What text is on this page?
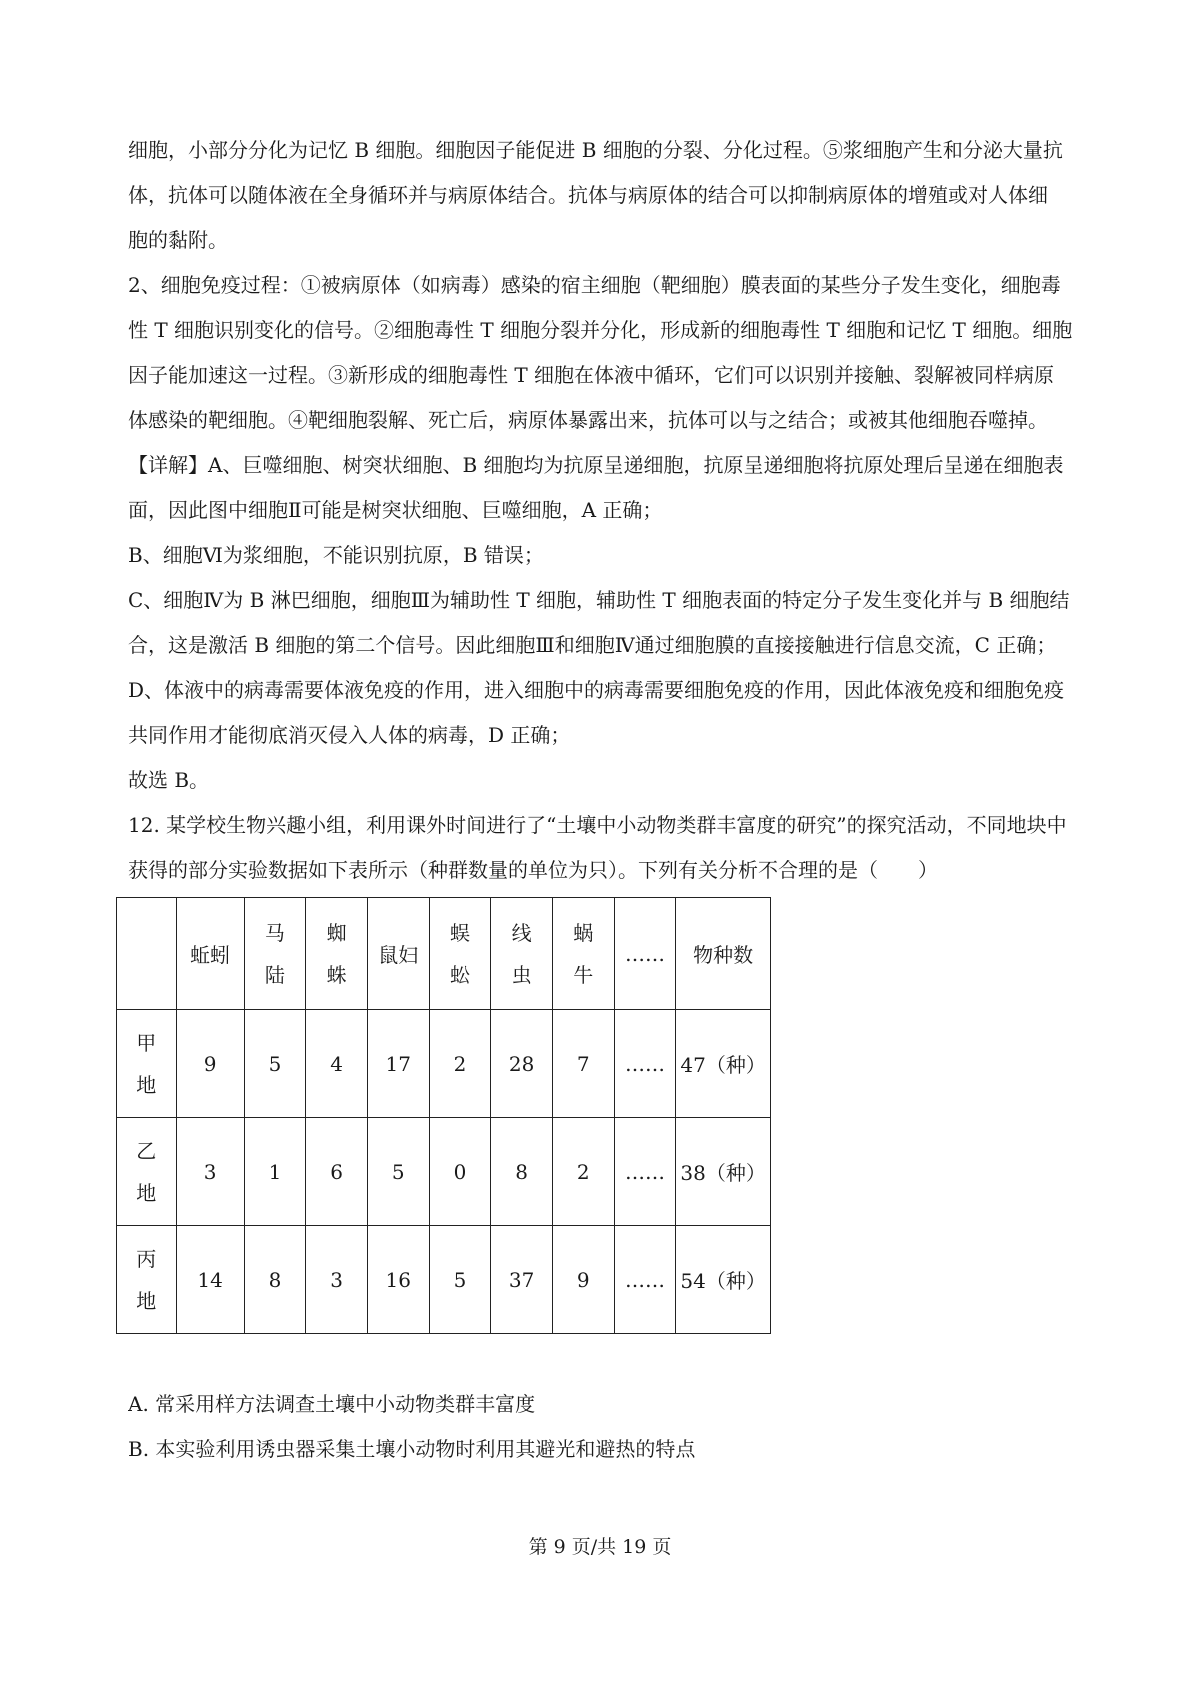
细胞，小部分分化为记忆 B 细胞。细胞因子能促进 B 细胞的分裂、分化过程。⑤浆细胞产生和分泌大量抗
体，抗体可以随体液在全身循环并与病原体结合。抗体与病原体的结合可以抑制病原体的增殖或对人体细
胞的黏附。
2、细胞免疫过程：①被病原体（如病毒）感染的宿主细胞（靶细胞）膜表面的某些分子发生变化，细胞毒
性 T 细胞识别变化的信号。②细胞毒性 T 细胞分裂并分化，形成新的细胞毒性 T 细胞和记忆 T 细胞。细胞
因子能加速这一过程。③新形成的细胞毒性 T 细胞在体液中循环，它们可以识别并接触、裂解被同样病原
体感染的靶细胞。④靶细胞裂解、死亡后，病原体暴露出来，抗体可以与之结合；或被其他细胞吞噬掉。
【详解】A、巨噬细胞、树突状细胞、B 细胞均为抗原呈递细胞，抗原呈递细胞将抗原处理后呈递在细胞表
面，因此图中细胞Ⅱ可能是树突状细胞、巨噬细胞，A 正确；
B、细胞Ⅵ为浆细胞，不能识别抗原，B 错误；
C、细胞Ⅳ为 B 淋巴细胞，细胞Ⅲ为辅助性 T 细胞，辅助性 T 细胞表面的特定分子发生变化并与 B 细胞结
合，这是激活 B 细胞的第二个信号。因此细胞Ⅲ和细胞Ⅳ通过细胞膜的直接接触进行信息交流，C 正确；
D、体液中的病毒需要体液免疫的作用，进入细胞中的病毒需要细胞免疫的作用，因此体液免疫和细胞免疫
共同作用才能彻底消灭侵入人体的病毒，D 正确；
故选 B。
12. 某学校生物兴趣小组，利用课外时间进行了“土壤中小动物类群丰富度的研究”的探究活动，不同地块中
获得的部分实验数据如下表所示（种群数量的单位为只）。下列有关分析不合理的是（　　）
	蚯蚓	马陆	蜘蛛	鼠妇	蜈蚣	线虫	蜗牛	……	物种数
甲地	9	5	4	17	2	28	7	……	47（种）
乙地	3	1	6	5	0	8	2	……	38（种）
丙地	14	8	3	16	5	37	9	……	54（种）
A. 常采用样方法调查土壤中小动物类群丰富度
B. 本实验利用诱虫器采集土壤小动物时利用其避光和避热的特点
第 9 页/共 19 页
